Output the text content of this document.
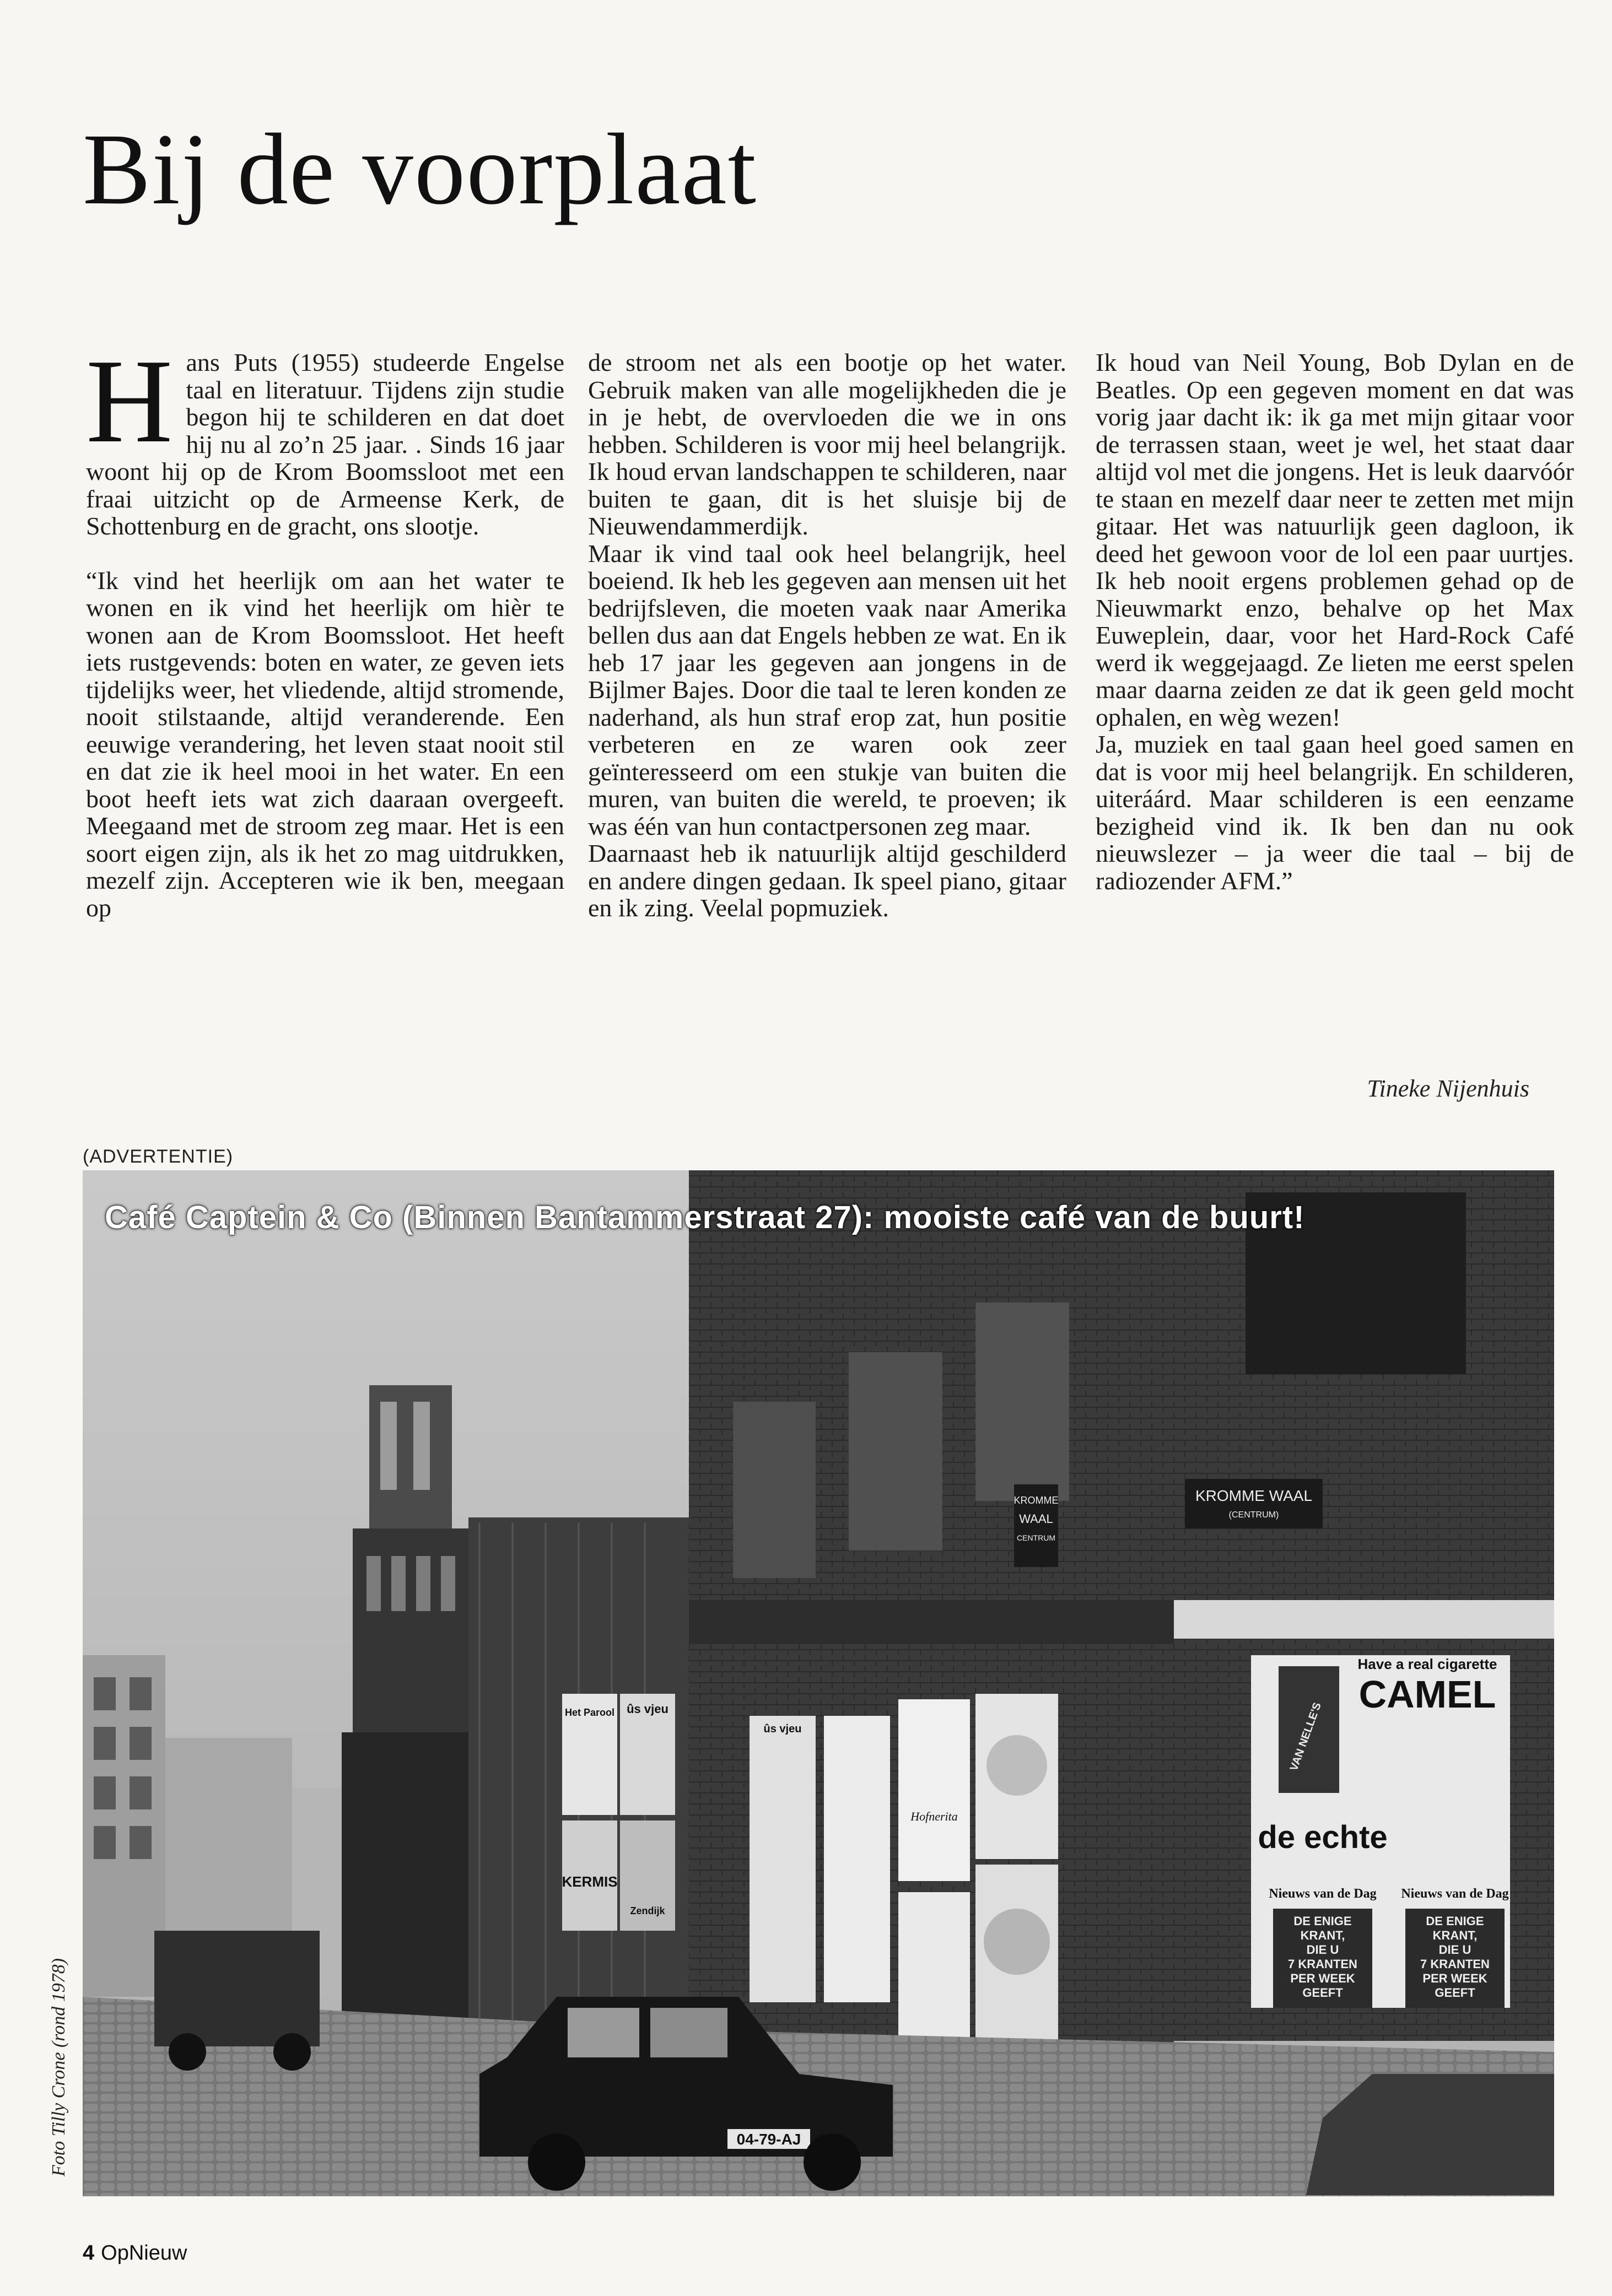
Bij de voorplaat

Hans Puts (1955) studeerde Engelse taal en literatuur. Tijdens zijn studie begon hij te schilderen en dat doet hij nu al zo’n 25 jaar. . Sinds 16 jaar woont hij op de Krom Boomssloot met een fraai uitzicht op de Armeense Kerk, de Schottenburg en de gracht, ons slootje.

“Ik vind het heerlijk om aan het water te wonen en ik vind het heerlijk om hièr te wonen aan de Krom Boomssloot. Het heeft iets rustgevends: boten en water, ze geven iets tijdelijks weer, het vliedende, altijd stromende, nooit stilstaande, altijd veranderende. Een eeuwige verandering, het leven staat nooit stil en dat zie ik heel mooi in het water. En een boot heeft iets wat zich daaraan overgeeft. Meegaand met de stroom zeg maar. Het is een soort eigen zijn, als ik het zo mag uitdrukken, mezelf zijn. Accepteren wie ik ben, meegaan op

de stroom net als een bootje op het water. Gebruik maken van alle mogelijkheden die je in je hebt, de overvloeden die we in ons hebben. Schilderen is voor mij heel belangrijk. Ik houd ervan landschappen te schilderen, naar buiten te gaan, dit is het sluisje bij de Nieuwendammerdijk.

Maar ik vind taal ook heel belangrijk, heel boeiend. Ik heb les gegeven aan mensen uit het bedrijfsleven, die moeten vaak naar Amerika bellen dus aan dat Engels hebben ze wat. En ik heb 17 jaar les gegeven aan jongens in de Bijlmer Bajes. Door die taal te leren konden ze naderhand, als hun straf erop zat, hun positie verbeteren en ze waren ook zeer geïnteresseerd om een stukje van buiten die muren, van buiten die wereld, te proeven; ik was één van hun contactpersonen zeg maar.

Daarnaast heb ik natuurlijk altijd geschilderd en andere dingen gedaan. Ik speel piano, gitaar en ik zing. Veelal popmuziek.

Ik houd van Neil Young, Bob Dylan en de Beatles. Op een gegeven moment en dat was vorig jaar dacht ik: ik ga met mijn gitaar voor de terrassen staan, weet je wel, het staat daar altijd vol met die jongens. Het is leuk daarvóór te staan en mezelf daar neer te zetten met mijn gitaar. Het was natuurlijk geen dagloon, ik deed het gewoon voor de lol een paar uurtjes. Ik heb nooit ergens problemen gehad op de Nieuwmarkt enzo, behalve op het Max Euweplein, daar, voor het Hard-Rock Café werd ik weggejaagd. Ze lieten me eerst spelen maar daarna zeiden ze dat ik geen geld mocht ophalen, en wèg wezen!

Ja, muziek en taal gaan heel goed samen en dat is voor mij heel belangrijk. En schilderen, uiteráárd. Maar schilderen is een eenzame bezigheid vind ik. Ik ben dan nu ook nieuwslezer – ja weer die taal – bij de radiozender AFM.”

Tineke Nijenhuis
(ADVERTENTIE)
KROMME
WAAL
CENTRUM
KROMME WAAL
(CENTRUM)
Het Parool ûs vjeu
KERMIS
Zendijk
ûs vjeu
Hofnerita
Have a real cigarette
CAMEL
VAN NELLE'S
de echte
Nieuws van de Dag Nieuws van de Dag
DE ENIGE
KRANT,
DIE U
7 KRANTEN
PER WEEK
GEEFT
DE ENIGE
KRANT,
DIE U
7 KRANTEN
PER WEEK
GEEFT
04-79-AJ
Café Captein & Co (Binnen Bantammerstraat 27): mooiste café van de buurt!
Foto Tilly Crone (rond 1978)
4 OpNieuw
